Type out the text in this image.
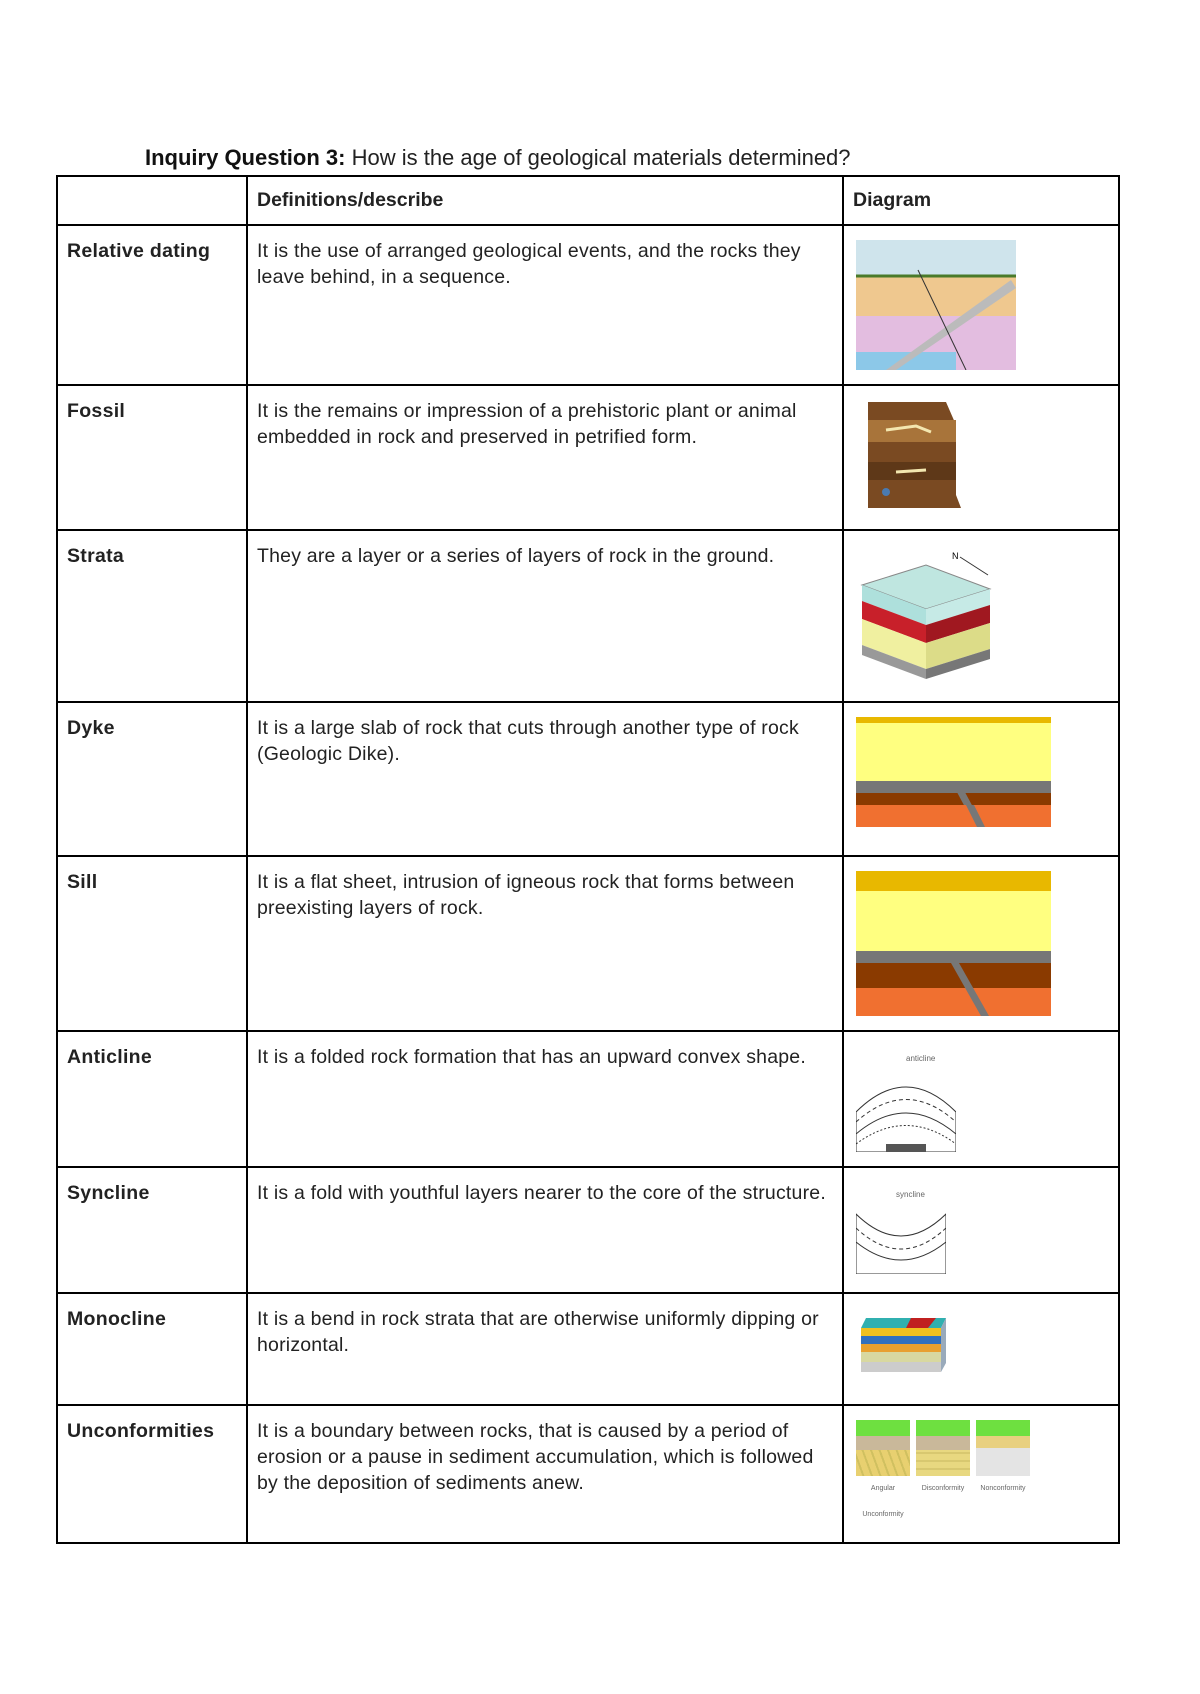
Inquiry Question 3: How is the age of geological materials determined?
	Definitions/describe	Diagram
Relative dating	It is the use of arranged geological events, and the rocks they leave behind, in a sequence.	

Fossil	It is the remains or impression of a prehistoric plant or animal embedded in rock and preserved in petrified form.	

Strata	They are a layer or a series of layers of rock in the ground.	N

Dyke	It is a large slab of rock that cuts through another type of rock (Geologic Dike).	

Sill	It is a flat sheet, intrusion of igneous rock that forms between preexisting layers of rock.	

Anticline	It is a folded rock formation that has an upward convex shape.	anticline

Syncline	It is a fold with youthful layers nearer to the core of the structure.	syncline

Monocline	It is a bend in rock strata that are otherwise uniformly dipping or horizontal.	

Unconformities	It is a boundary between rocks, that is caused by a period of erosion or a pause in sediment accumulation, which is followed by the deposition of sediments anew.	Angular Unconformity
Disconformity Nonconformity
